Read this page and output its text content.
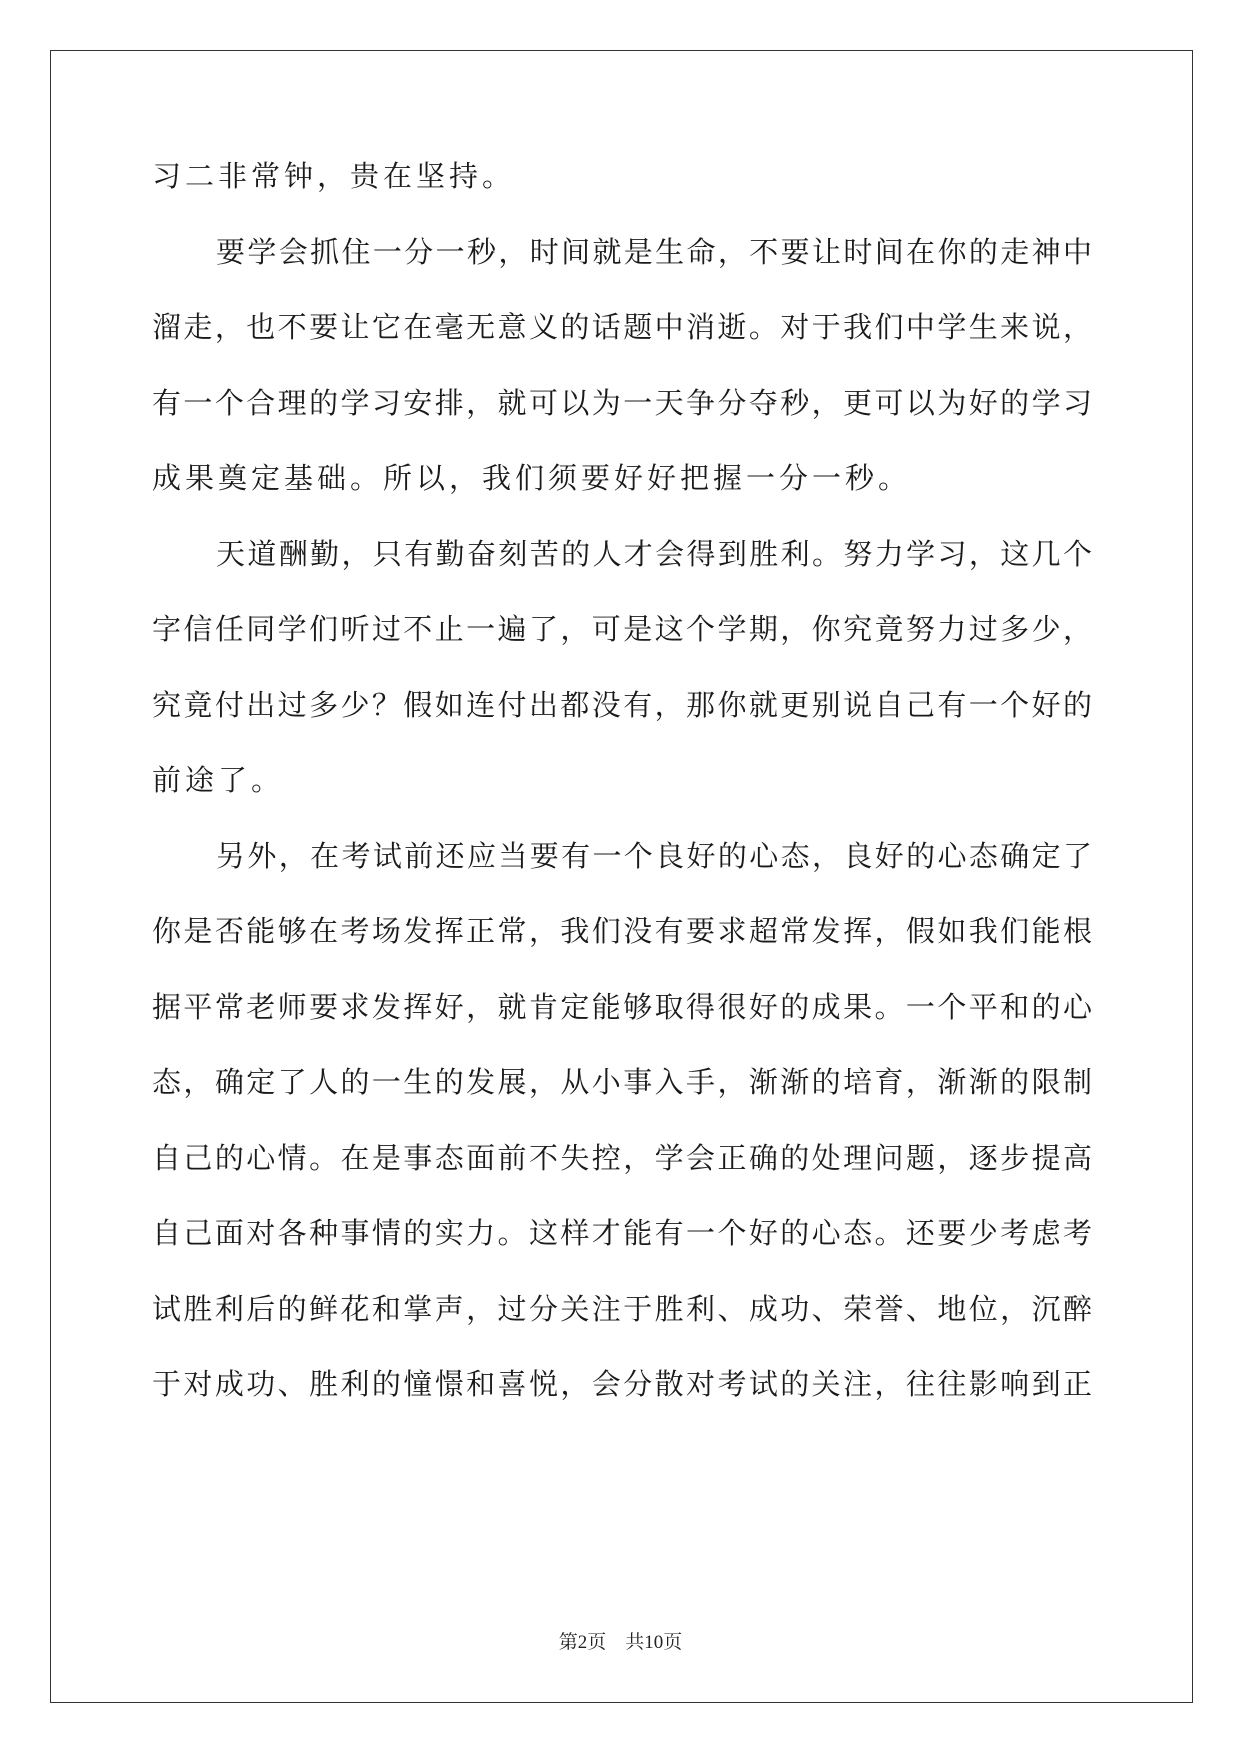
习二非常钟，贵在坚持。
要学会抓住一分一秒，时间就是生命，不要让时间在你的走神中
溜走，也不要让它在毫无意义的话题中消逝。对于我们中学生来说，
有一个合理的学习安排，就可以为一天争分夺秒，更可以为好的学习
成果奠定基础。所以，我们须要好好把握一分一秒。
天道酬勤，只有勤奋刻苦的人才会得到胜利。努力学习，这几个
字信任同学们听过不止一遍了，可是这个学期，你究竟努力过多少，
究竟付出过多少？假如连付出都没有，那你就更别说自己有一个好的
前途了。
另外，在考试前还应当要有一个良好的心态，良好的心态确定了
你是否能够在考场发挥正常，我们没有要求超常发挥，假如我们能根
据平常老师要求发挥好，就肯定能够取得很好的成果。一个平和的心
态，确定了人的一生的发展，从小事入手，渐渐的培育，渐渐的限制
自己的心情。在是事态面前不失控，学会正确的处理问题，逐步提高
自己面对各种事情的实力。这样才能有一个好的心态。还要少考虑考
试胜利后的鲜花和掌声，过分关注于胜利、成功、荣誉、地位，沉醉
于对成功、胜利的憧憬和喜悦，会分散对考试的关注，往往影响到正
第2页 共10页
